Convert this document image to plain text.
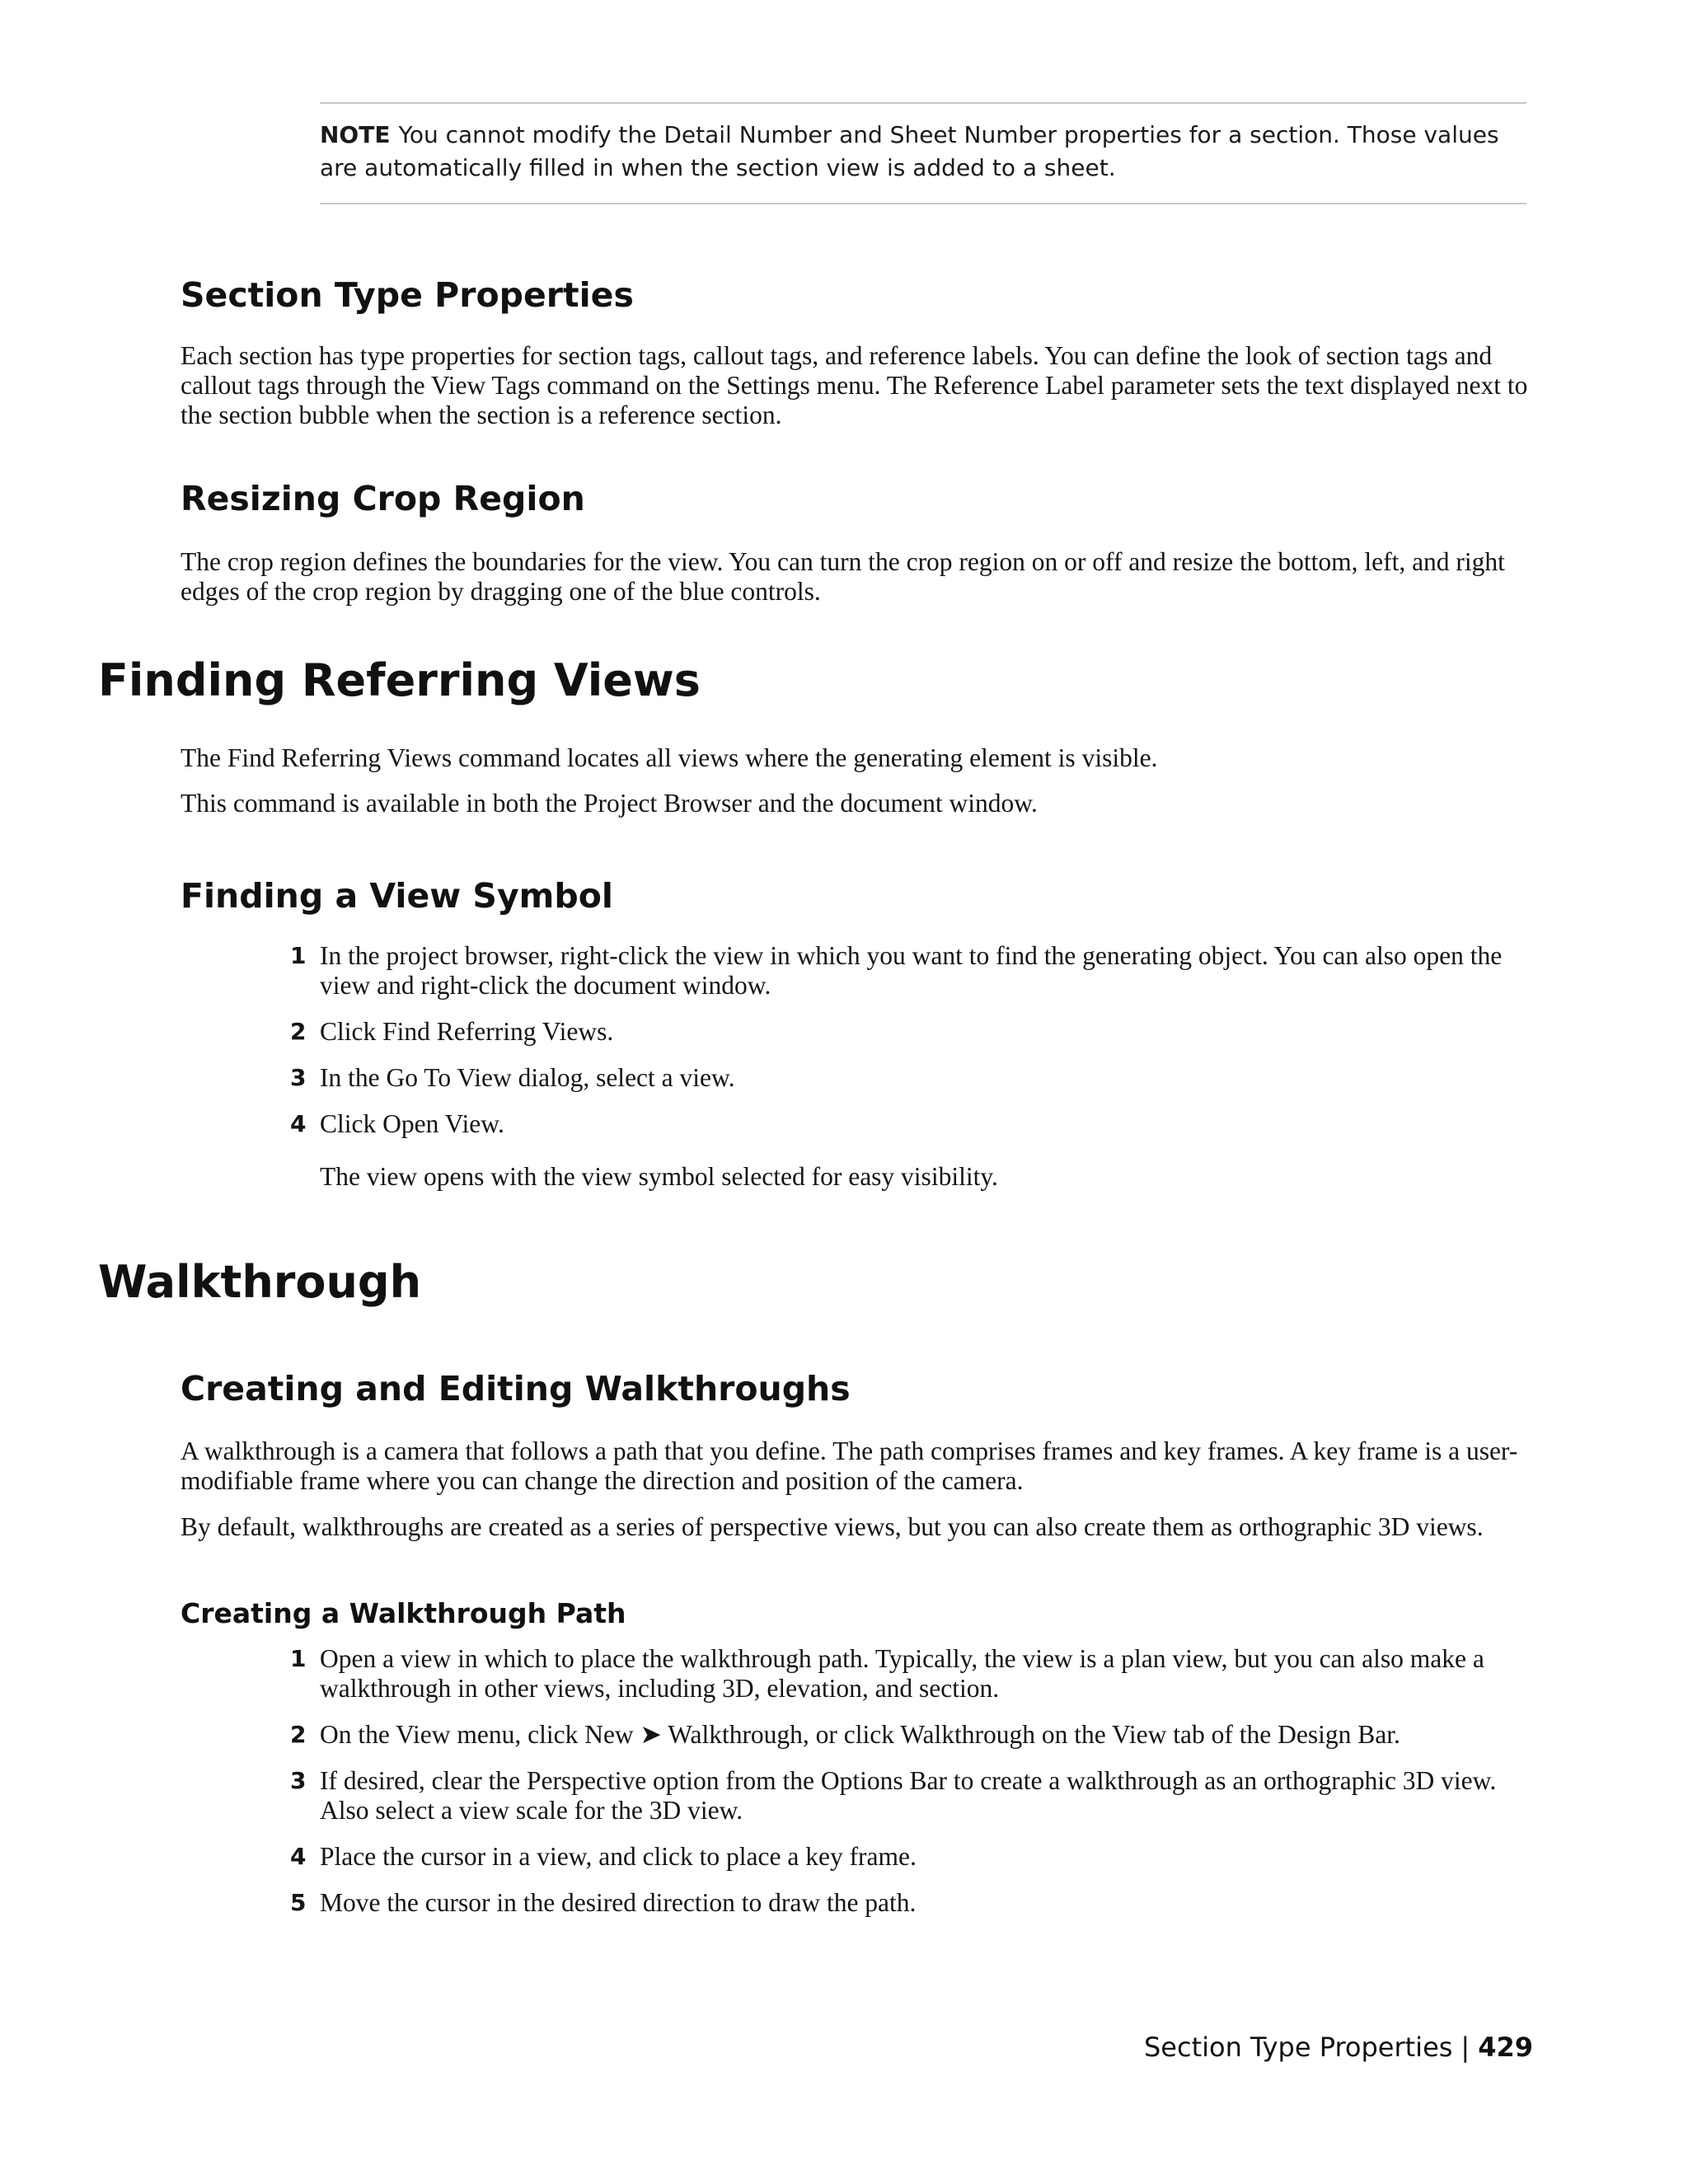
NOTE You cannot modify the Detail Number and Sheet Number properties for a section. Those values are automatically filled in when the section view is added to a sheet.
Section Type Properties

Each section has type properties for section tags, callout tags, and reference labels. You can define the look of section tags and callout tags through the View Tags command on the Settings menu. The Reference Label parameter sets the text displayed next to the section bubble when the section is a reference section.

Resizing Crop Region

The crop region defines the boundaries for the view. You can turn the crop region on or off and resize the bottom, left, and right edges of the crop region by dragging one of the blue controls.

Finding Referring Views

The Find Referring Views command locates all views where the generating element is visible.

This command is available in both the Project Browser and the document window.

Finding a View Symbol
1 In the project browser, right-click the view in which you want to find the generating object. You can also open the view and right-click the document window.
2 Click Find Referring Views.
3 In the Go To View dialog, select a view.
4 Click Open View.

The view opens with the view symbol selected for easy visibility.

Walkthrough
Creating and Editing Walkthroughs

A walkthrough is a camera that follows a path that you define. The path comprises frames and key frames. A key frame is a user-modifiable frame where you can change the direction and position of the camera.

By default, walkthroughs are created as a series of perspective views, but you can also create them as orthographic 3D views.

Creating a Walkthrough Path
1 Open a view in which to place the walkthrough path. Typically, the view is a plan view, but you can also make a walkthrough in other views, including 3D, elevation, and section.
2 On the View menu, click New ➤ Walkthrough, or click Walkthrough on the View tab of the Design Bar.
3 If desired, clear the Perspective option from the Options Bar to create a walkthrough as an orthographic 3D view. Also select a view scale for the 3D view.
4 Place the cursor in a view, and click to place a key frame.
5 Move the cursor in the desired direction to draw the path.
Section Type Properties | 429
